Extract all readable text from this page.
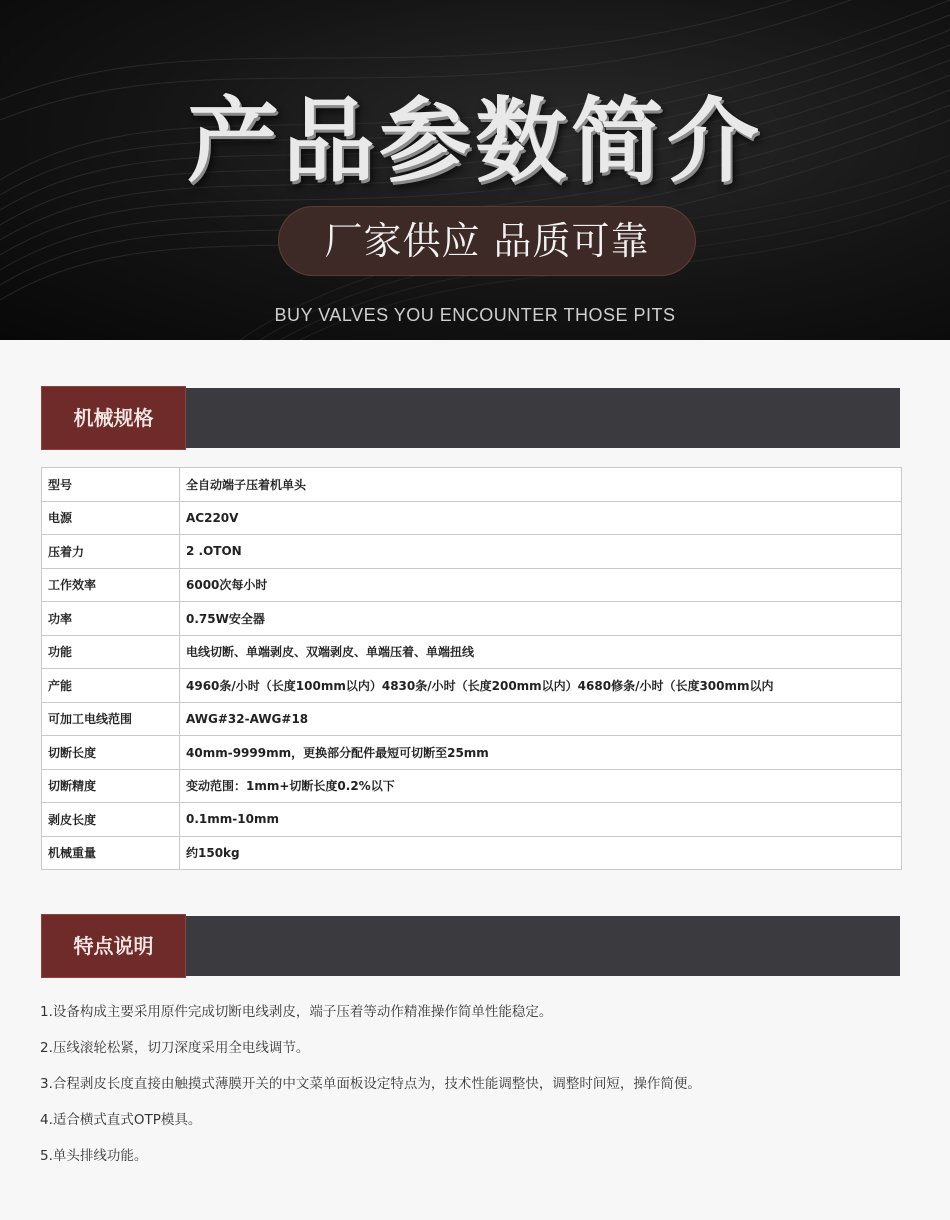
产品参数简介
厂家供应 品质可靠
BUY VALVES YOU ENCOUNTER THOSE PITS
机械规格
型号	全自动端子压着机单头
电源	AC220V
压着力	2 .OTON
工作效率	6000次每小时
功率	0.75W安全器
功能	电线切断、单端剥皮、双端剥皮、单端压着、单端扭线
产能	4960条/小时（长度100mm以内）4830条/小时（长度200mm以内）4680修条/小时（长度300mm以内
可加工电线范围	AWG#32-AWG#18
切断长度	40mm-9999mm，更换部分配件最短可切断至25mm
切断精度	变动范围：1mm+切断长度0.2%以下
剥皮长度	0.1mm-10mm
机械重量	约150kg
特点说明
1.设备构成主要采用原件完成切断电线剥皮，端子压着等动作精准操作简单性能稳定。
2.压线滚轮松紧，切刀深度采用全电线调节。
3.合程剥皮长度直接由触摸式薄膜开关的中文菜单面板设定特点为，技术性能调整快，调整时间短，操作简便。
4.适合横式直式OTP模具。
5.单头排线功能。
